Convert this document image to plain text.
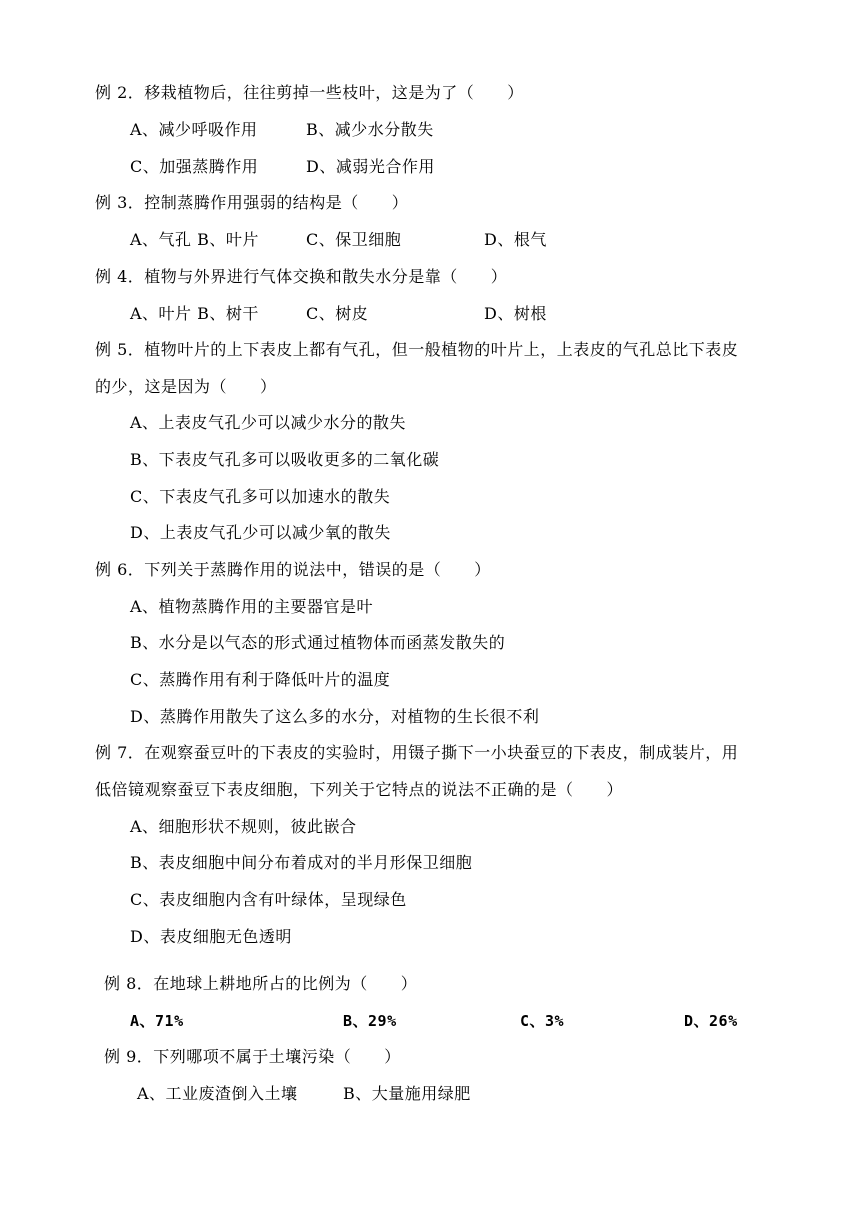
例 2．移栽植物后，往往剪掉一些枝叶，这是为了（　　）
A、减少呼吸作用	B、减少水分散失
C、加强蒸腾作用	D、减弱光合作用
例 3．控制蒸腾作用强弱的结构是（　　）
A、气孔 B、叶片	C、保卫细胞	D、根气
例 4．植物与外界进行气体交换和散失水分是靠（　　）
A、叶片 B、树干	C、树皮	D、树根
例 5．植物叶片的上下表皮上都有气孔，但一般植物的叶片上，上表皮的气孔总比下表皮
的少，这是因为（　　）
A、上表皮气孔少可以减少水分的散失
B、下表皮气孔多可以吸收更多的二氧化碳
C、下表皮气孔多可以加速水的散失
D、上表皮气孔少可以减少氧的散失
例 6．下列关于蒸腾作用的说法中，错误的是（　　）
A、植物蒸腾作用的主要器官是叶
B、水分是以气态的形式通过植物体而函蒸发散失的
C、蒸腾作用有利于降低叶片的温度
D、蒸腾作用散失了这么多的水分，对植物的生长很不利
例 7．在观察蚕豆叶的下表皮的实验时，用镊子撕下一小块蚕豆的下表皮，制成装片，用
低倍镜观察蚕豆下表皮细胞，下列关于它特点的说法不正确的是（　　）
A、细胞形状不规则，彼此嵌合
B、表皮细胞中间分布着成对的半月形保卫细胞
C、表皮细胞内含有叶绿体，呈现绿色
D、表皮细胞无色透明
例 8．在地球上耕地所占的比例为（　　）
A、71%	B、29%	C、3%	D、26%
例 9．下列哪项不属于土壤污染（　　）
A、工业废渣倒入土壤	B、大量施用绿肥
